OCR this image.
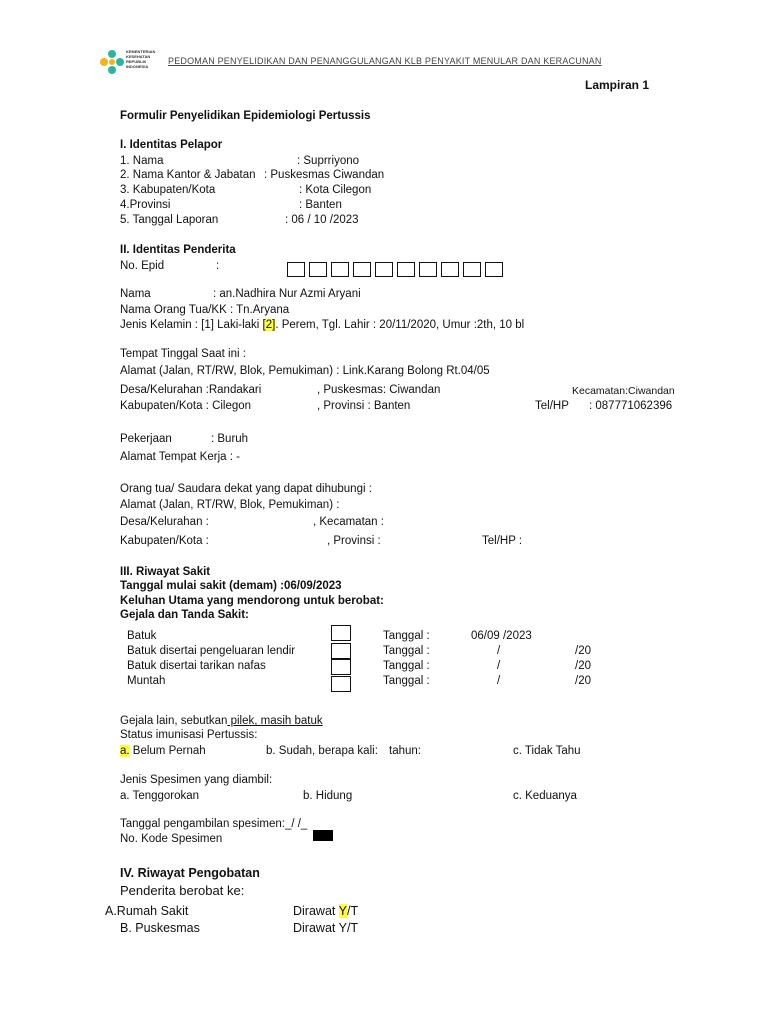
KEMENTERIAN
KESEHATAN
REPUBLIK
INDONESIA
PEDOMAN PENYELIDIKAN DAN PENANGGULANGAN KLB PENYAKIT MENULAR DAN KERACUNAN
Lampiran 1
Formulir Penyelidikan Epidemiologi Pertussis
I. Identitas Pelapor
1. Nama	: Suprriyono
2. Nama Kantor & Jabatan : Puskesmas Ciwandan
3. Kabupaten/Kota	: Kota Cilegon
4.Provinsi	: Banten
5. Tanggal Laporan	: 06 / 10 /2023
II. Identitas Penderita
No. Epid	:
Nama	: an.Nadhira Nur Azmi Aryani
Nama Orang Tua/KK : Tn.Aryana
Jenis Kelamin : [1] Laki-laki [2]. Perem, Tgl. Lahir : 20/11/2020, Umur :2th, 10 bl
Tempat Tinggal Saat ini :
Alamat (Jalan, RT/RW, Blok, Pemukiman) : Link.Karang Bolong Rt.04/05
Desa/Kelurahan :Randakari	, Puskesmas: Ciwandan	Kecamatan:Ciwandan
Kabupaten/Kota : Cilegon	, Provinsi : Banten	Tel/HP : 087771062396
Pekerjaan	: Buruh
Alamat Tempat Kerja : -
Orang tua/ Saudara dekat yang dapat dihubungi :
Alamat (Jalan, RT/RW, Blok, Pemukiman) :
Desa/Kelurahan :	, Kecamatan :
Kabupaten/Kota :	, Provinsi :	Tel/HP :
III. Riwayat Sakit
Tanggal mulai sakit (demam) :06/09/2023
Keluhan Utama yang mendorong untuk berobat:
Gejala dan Tanda Sakit:
Batuk	Tanggal :	06/09 /2023
Batuk disertai pengeluaran lendir	Tanggal :	/	/20
Batuk disertai tarikan nafas	Tanggal :	/	/20
Muntah	Tanggal :	/	/20
Gejala lain, sebutkan pilek, masih batuk
Status imunisasi Pertussis:
a. Belum Pernah	b. Sudah, berapa kali: tahun:	c. Tidak Tahu
Jenis Spesimen yang diambil:
a. Tenggorokan	b. Hidung	c. Keduanya
Tanggal pengambilan spesimen:_/ /_
No. Kode Spesimen
IV. Riwayat Pengobatan
Penderita berobat ke:
A.Rumah Sakit	Dirawat Y/T
B. Puskesmas	Dirawat Y/T
